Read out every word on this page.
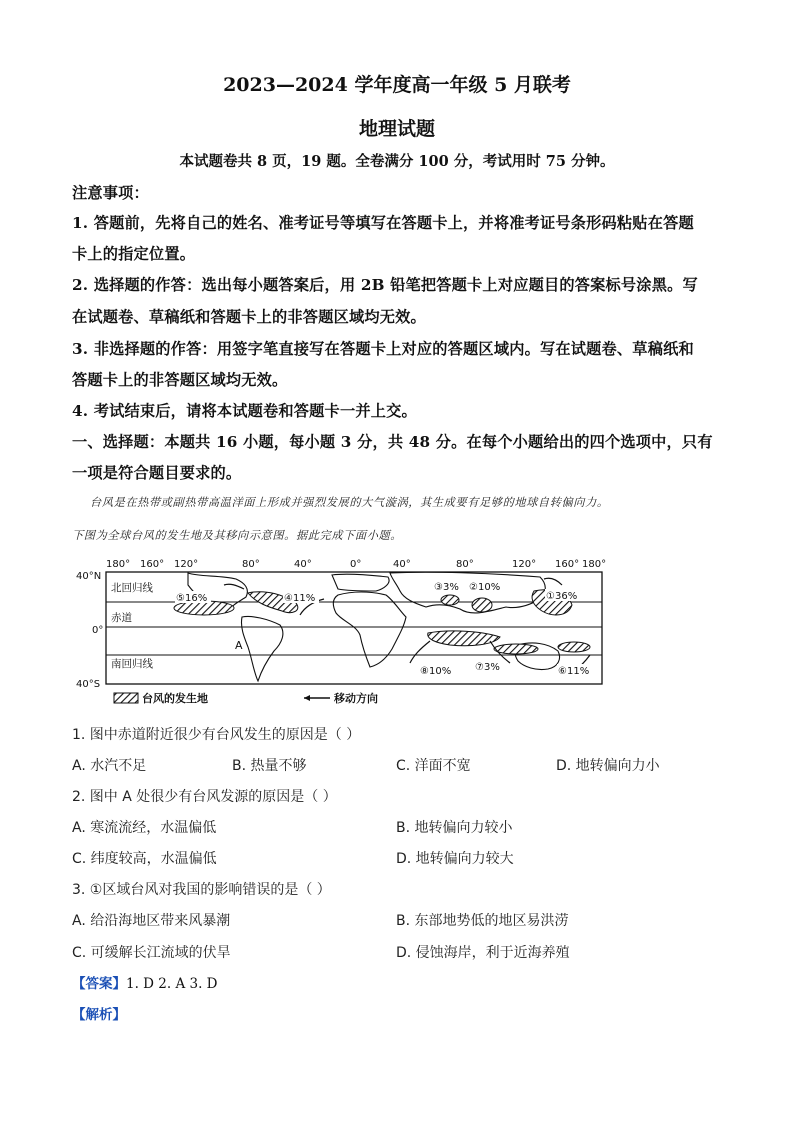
2023—2024 学年度高一年级 5 月联考
地理试题
本试题卷共 8 页，19 题。全卷满分 100 分，考试用时 75 分钟。
注意事项：
1. 答题前，先将自己的姓名、准考证号等填写在答题卡上，并将准考证号条形码粘贴在答题
卡上的指定位置。
2. 选择题的作答：选出每小题答案后，用 2B 铅笔把答题卡上对应题目的答案标号涂黑。写
在试题卷、草稿纸和答题卡上的非答题区域均无效。
3. 非选择题的作答：用签字笔直接写在答题卡上对应的答题区域内。写在试题卷、草稿纸和
答题卡上的非答题区域均无效。
4. 考试结束后，请将本试题卷和答题卡一并上交。
一、选择题：本题共 16 小题，每小题 3 分，共 48 分。在每个小题给出的四个选项中，只有
一项是符合题目要求的。
台风是在热带或副热带高温洋面上形成并强烈发展的大气漩涡，其生成要有足够的地球自转偏向力。
下图为全球台风的发生地及其移向示意图。据此完成下面小题。
180° 160° 120°	80°	40°	0°	40°	80°	120° 160° 180°
40°N
0°
40°S
北回归线
赤道
南回归线
①36%
②10%
③3%
④11%
⑤16%
⑥11%
⑦3%
⑧10%
A
台风的发生地	移动方向
1. 图中赤道附近很少有台风发生的原因是（ ）
A. 水汽不足	B. 热量不够	C. 洋面不宽	D. 地转偏向力小
2. 图中 A 处很少有台风发源的原因是（ ）
A. 寒流流经，水温偏低	B. 地转偏向力较小
C. 纬度较高，水温偏低	D. 地转偏向力较大
3. ①区域台风对我国的影响错误的是（ ）
A. 给沿海地区带来风暴潮	B. 东部地势低的地区易洪涝
C. 可缓解长江流域的伏旱	D. 侵蚀海岸，利于近海养殖
【答案】1. D 2. A 3. D
【解析】
